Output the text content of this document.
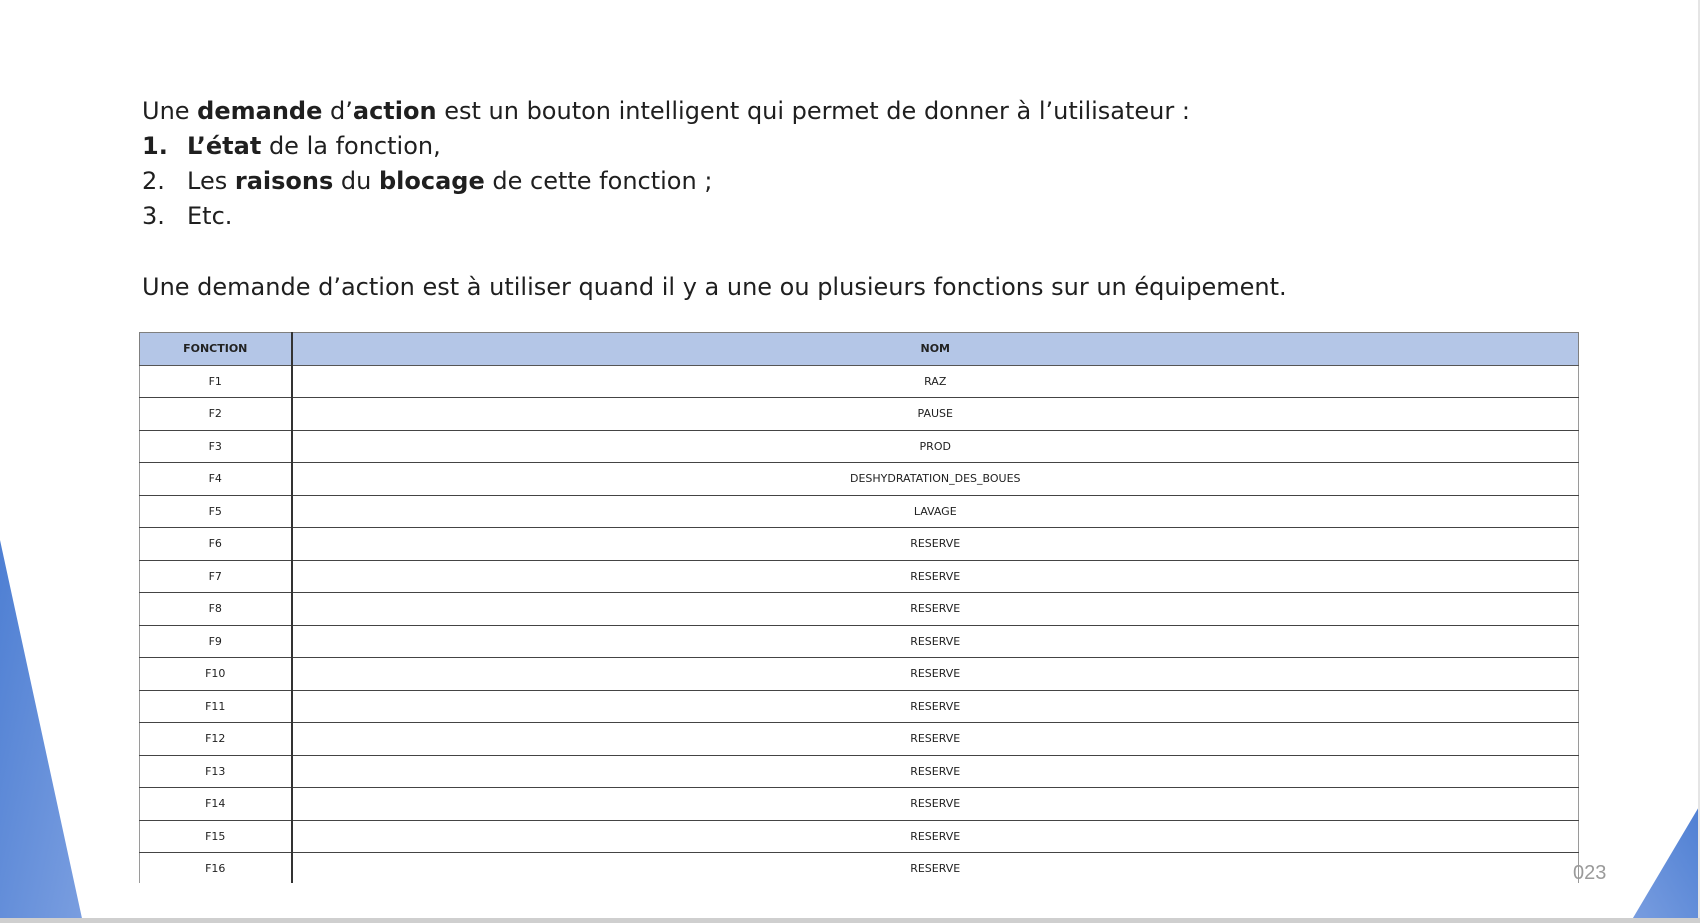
Une demande d’action est un bouton intelligent qui permet de donner à l’utilisateur :

1. L’état de la fonction,
2. Les raisons du blocage de cette fonction ;
3. Etc.

Une demande d’action est à utiliser quand il y a une ou plusieurs fonctions sur un équipement.

FONCTION	NOM
F1	RAZ
F2	PAUSE
F3	PROD
F4	DESHYDRATATION_DES_BOUES
F5	LAVAGE
F6	RESERVE
F7	RESERVE
F8	RESERVE
F9	RESERVE
F10	RESERVE
F11	RESERVE
F12	RESERVE
F13	RESERVE
F14	RESERVE
F15	RESERVE
F16	RESERVE	023
